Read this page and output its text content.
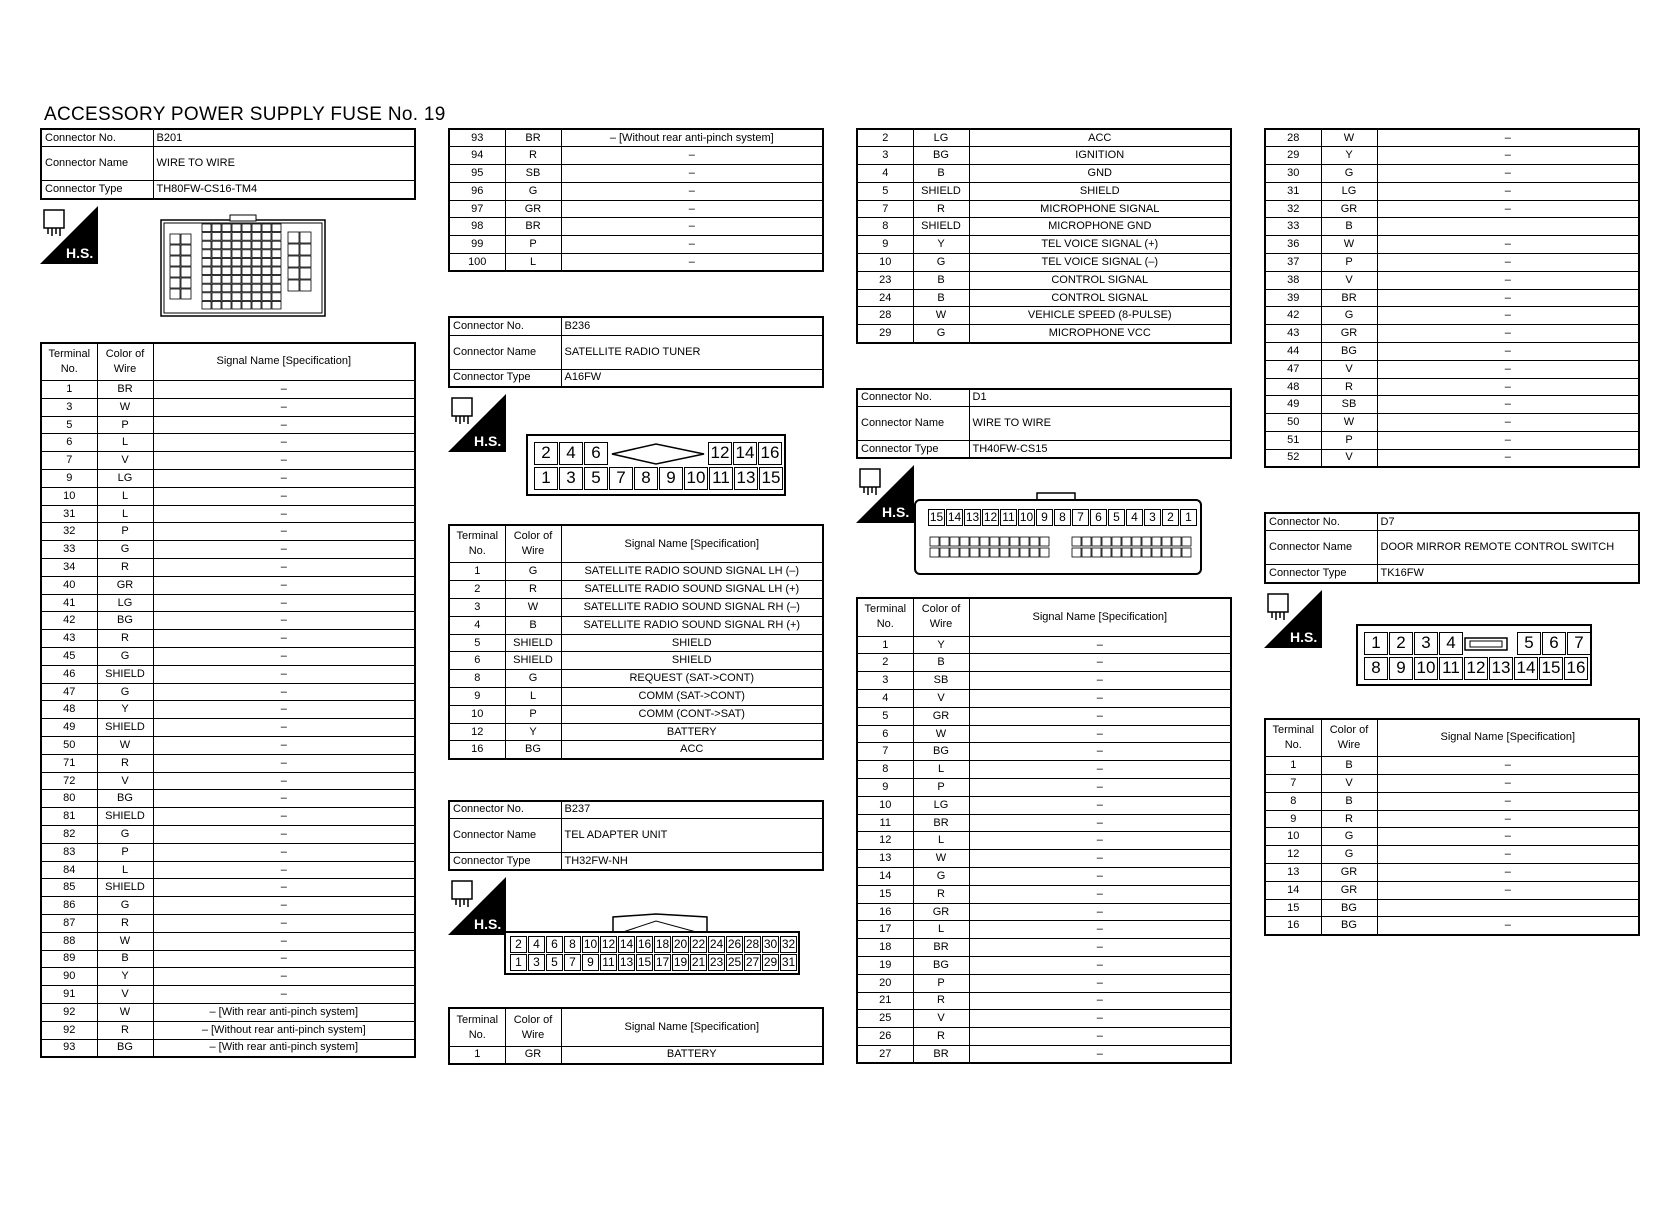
ACCESSORY POWER SUPPLY FUSE No. 19
Connector No.	B201
Connector Name	WIRE TO WIRE
Connector Type	TH80FW-CS16-TM4
H.S.
Terminal No.	Color of Wire	Signal Name [Specification]
1	BR	–
3	W	–
5	P	–
6	L	–
7	V	–
9	LG	–
10	L	–
31	L	–
32	P	–
33	G	–
34	R	–
40	GR	–
41	LG	–
42	BG	–
43	R	–
45	G	–
46	SHIELD	–
47	G	–
48	Y	–
49	SHIELD	–
50	W	–
71	R	–
72	V	–
80	BG	–
81	SHIELD	–
82	G	–
83	P	–
84	L	–
85	SHIELD	–
86	G	–
87	R	–
88	W	–
89	B	–
90	Y	–
91	V	–
92	W	– [With rear anti-pinch system]
92	R	– [Without rear anti-pinch system]
93	BG	– [With rear anti-pinch system]
93	BR	– [Without rear anti-pinch system]
94	R	–
95	SB	–
96	G	–
97	GR	–
98	BR	–
99	P	–
100	L	–
Connector No.	B236
Connector Name	SATELLITE RADIO TUNER
Connector Type	A16FW
H.S.
2 4 6	12 14 16
1 3 5 7 8 9 10 11 13 15
Terminal No.	Color of Wire	Signal Name [Specification]
1	G	SATELLITE RADIO SOUND SIGNAL LH (–)
2	R	SATELLITE RADIO SOUND SIGNAL LH (+)
3	W	SATELLITE RADIO SOUND SIGNAL RH (–)
4	B	SATELLITE RADIO SOUND SIGNAL RH (+)
5	SHIELD	SHIELD
6	SHIELD	SHIELD
8	G	REQUEST (SAT->CONT)
9	L	COMM (SAT->CONT)
10	P	COMM (CONT->SAT)
12	Y	BATTERY
16	BG	ACC
Connector No.	B237
Connector Name	TEL ADAPTER UNIT
Connector Type	TH32FW-NH
H.S.
2 4 6 8 10 12 14 16 18 20 22 24 26 28 30 32
1 3 5 7 9 11 13 15 17 19 21 23 25 27 29 31
Terminal No.	Color of Wire	Signal Name [Specification]
1	GR	BATTERY
2	LG	ACC
3	BG	IGNITION
4	B	GND
5	SHIELD	SHIELD
7	R	MICROPHONE SIGNAL
8	SHIELD	MICROPHONE GND
9	Y	TEL VOICE SIGNAL (+)
10	G	TEL VOICE SIGNAL (–)
23	B	CONTROL SIGNAL
24	B	CONTROL SIGNAL
28	W	VEHICLE SPEED (8-PULSE)
29	G	MICROPHONE VCC
Connector No.	D1
Connector Name	WIRE TO WIRE
Connector Type	TH40FW-CS15
H.S. 15 14 13 12 11 10 9 8 7 6 5 4 3 2 1
Terminal No.	Color of Wire	Signal Name [Specification]
1	Y	–
2	B	–
3	SB	–
4	V	–
5	GR	–
6	W	–
7	BG	–
8	L	–
9	P	–
10	LG	–
11	BR	–
12	L	–
13	W	–
14	G	–
15	R	–
16	GR	–
17	L	–
18	BR	–
19	BG	–
20	P	–
21	R	–
25	V	–
26	R	–
27	BR	–
28	W	–
29	Y	–
30	G	–
31	LG	–
32	GR	–
33	B	
36	W	–
37	P	–
38	V	–
39	BR	–
42	G	–
43	GR	–
44	BG	–
47	V	–
48	R	–
49	SB	–
50	W	–
51	P	–
52	V	–
Connector No.	D7
Connector Name	DOOR MIRROR REMOTE CONTROL SWITCH
Connector Type	TK16FW
H.S.	1 2 3 4	5 6 7
8 9 10 11 12 13 14 15 16
Terminal No.	Color of Wire	Signal Name [Specification]
1	B	–
7	V	–
8	B	–
9	R	–
10	G	–
12	G	–
13	GR	–
14	GR	–
15	BG	
16	BG	–
